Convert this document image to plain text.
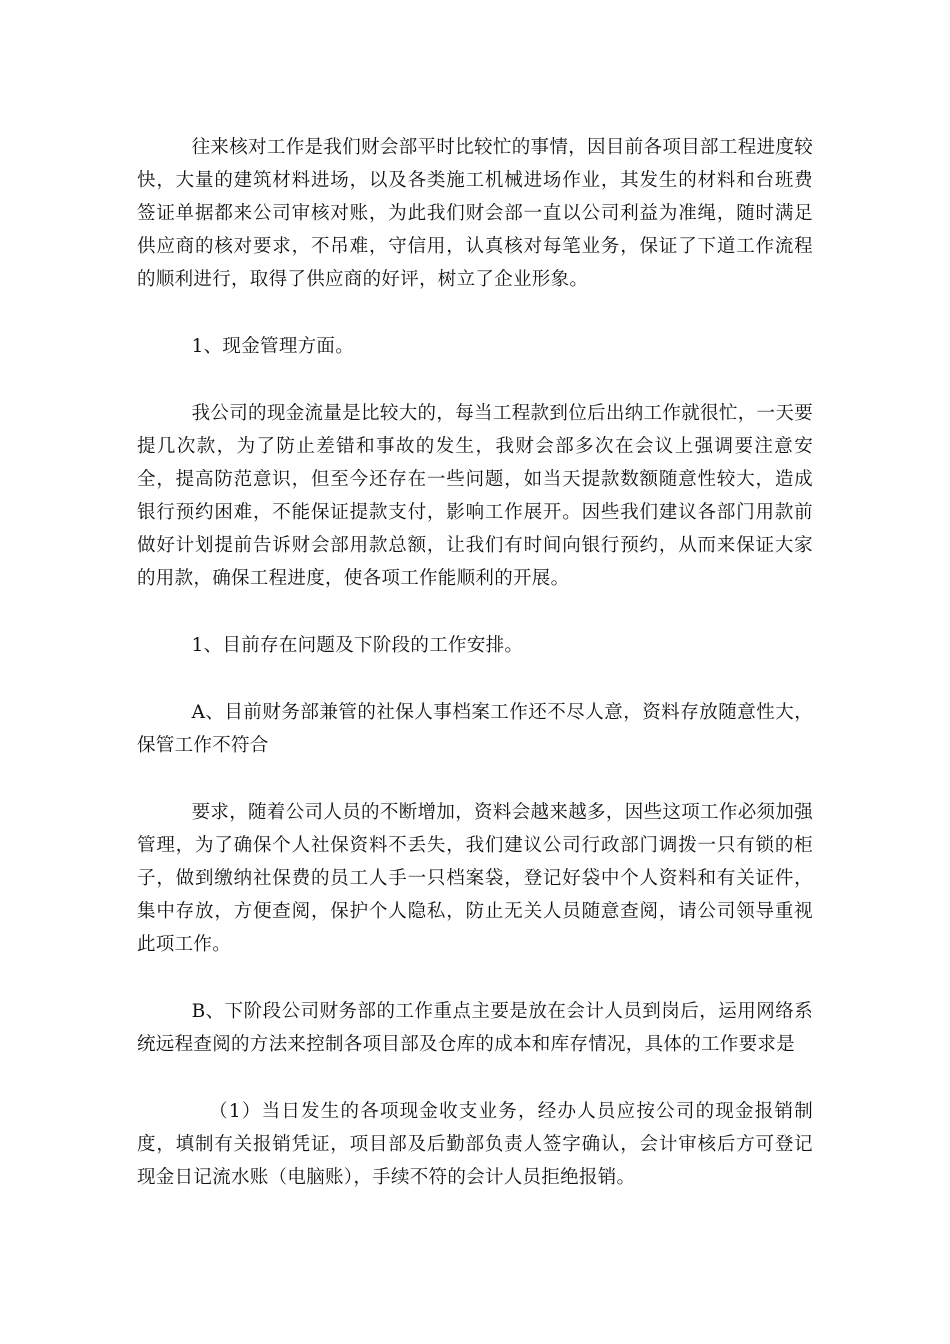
往来核对工作是我们财会部平时比较忙的事情，因目前各项目部工程进度较快，大量的建筑材料进场，以及各类施工机械进场作业，其发生的材料和台班费签证单据都来公司审核对账，为此我们财会部一直以公司利益为准绳，随时满足供应商的核对要求，不吊难，守信用，认真核对每笔业务，保证了下道工作流程的顺利进行，取得了供应商的好评，树立了企业形象。

1、现金管理方面。

我公司的现金流量是比较大的，每当工程款到位后出纳工作就很忙，一天要提几次款，为了防止差错和事故的发生，我财会部多次在会议上强调要注意安全，提高防范意识，但至今还存在一些问题，如当天提款数额随意性较大，造成银行预约困难，不能保证提款支付，影响工作展开。因些我们建议各部门用款前做好计划提前告诉财会部用款总额，让我们有时间向银行预约，从而来保证大家的用款，确保工程进度，使各项工作能顺利的开展。

1、目前存在问题及下阶段的工作安排。

A、目前财务部兼管的社保人事档案工作还不尽人意，资料存放随意性大，保管工作不符合

要求，随着公司人员的不断增加，资料会越来越多，因些这项工作必须加强管理，为了确保个人社保资料不丢失，我们建议公司行政部门调拨一只有锁的柜子，做到缴纳社保费的员工人手一只档案袋，登记好袋中个人资料和有关证件，集中存放，方便查阅，保护个人隐私，防止无关人员随意查阅，请公司领导重视此项工作。

B、下阶段公司财务部的工作重点主要是放在会计人员到岗后，运用网络系统远程查阅的方法来控制各项目部及仓库的成本和库存情况，具体的工作要求是

（1）当日发生的各项现金收支业务，经办人员应按公司的现金报销制度，填制有关报销凭证，项目部及后勤部负责人签字确认，会计审核后方可登记现金日记流水账（电脑账），手续不符的会计人员拒绝报销。
